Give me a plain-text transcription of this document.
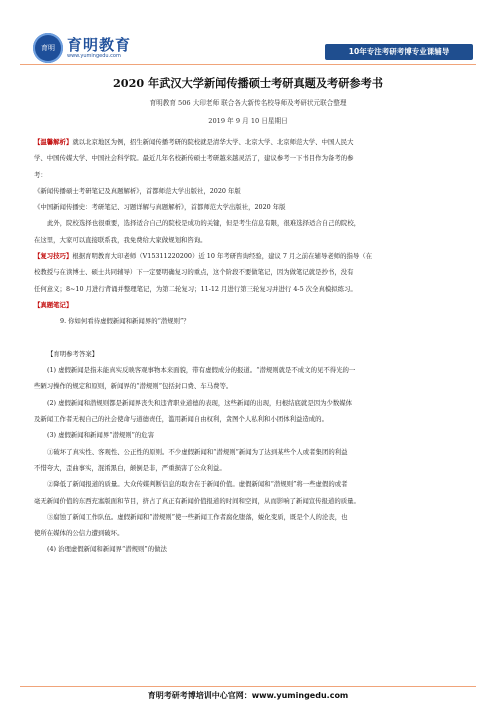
育明 育明教育
www.yumingedu.com	10年专注考研考博专业课辅导
2020 年武汉大学新闻传播硕士考研真题及考研参考书
育明教育 506 大印老师 联合各大新传名校导师及考研状元联合整理
2019 年 9 月 10 日星期日
【温馨解析】就以北京地区为例，招生新闻传播考研的院校就是清华大学、北京大学、北京师范大学、中国人民大
学、中国传媒大学、中国社会科学院。最近几年名校新传硕士考研越来越灵活了，建议参考一下书目作为备考的参
考：
《新闻传播硕士考研笔记及真题解析》，首都师范大学出版社，2020 年版
《中国新闻传播史：考研笔记、习题详解与真题解析》，首都师范大学出版社，2020 年版
此外，院校选择也很重要，选择适合自己的院校是成功的关键，但是考生信息有限，很难选择适合自己的院校，
在这里，大家可以直接联系我，我免费给大家做规划和咨询。
【复习技巧】根据育明教育大印老师（V15311220200）近 10 年考研咨询经验，建议 7 月之前在辅导老师的指导（在
校教授与在读博士、硕士共同辅导）下一定要明确复习的重点，这个阶段不要做笔记，因为做笔记就是抄书，没有
任何意义；8~10 月进行背诵并整理笔记，为第二轮复习；11-12 月进行第三轮复习并进行 4-5 次全真模拟练习。
【真题笔记】
9. 你如何看待虚假新闻和新闻界的“潜规则”？
【育明参考答案】
(1) 虚假新闻是指未能真实反映客观事物本来面貌，带有虚假成分的报道。“潜规则就是不成文的见不得光的一
些陋习操作的规定和原则，新闻界的“潜规则”包括封口费、车马费等。
(2) 虚假新闻和潜规则都是新闻界丧失和违背职业道德的表现，这些新闻的出现，归根结底就是因为少数媒体
及新闻工作者无视自己的社会使命与道德责任，滥用新闻自由权利，贪图个人私利和小团体利益造成的。
(3) 虚假新闻和新闻界“潜规则”的危害
①破坏了真实性、客观性、公正性的原则。不少虚假新闻和“潜规则”新闻为了达到某些个人或者集团的利益
不惜夸大，歪曲事实，混淆黑白，颠倒是非，严重损害了公众利益。
②降低了新闻报道的质量。大众传媒判断信息的取舍在于新闻价值。虚假新闻和“潜规则”将一些虚假的或者
毫无新闻价值的东西充塞版面和节目，挤占了真正有新闻价值报道的时间和空间，从而影响了新闻宣传报道的质量。
③腐蚀了新闻工作队伍。虚假新闻和“潜规则”使一些新闻工作者腐化堕落，蜕化变质，既是个人的沦丧，也
使所在媒体的公信力遭到破坏。
(4) 治理虚假新闻和新闻界“潜规则”的做法
育明考研考博培训中心官网：www.yumingedu.com
